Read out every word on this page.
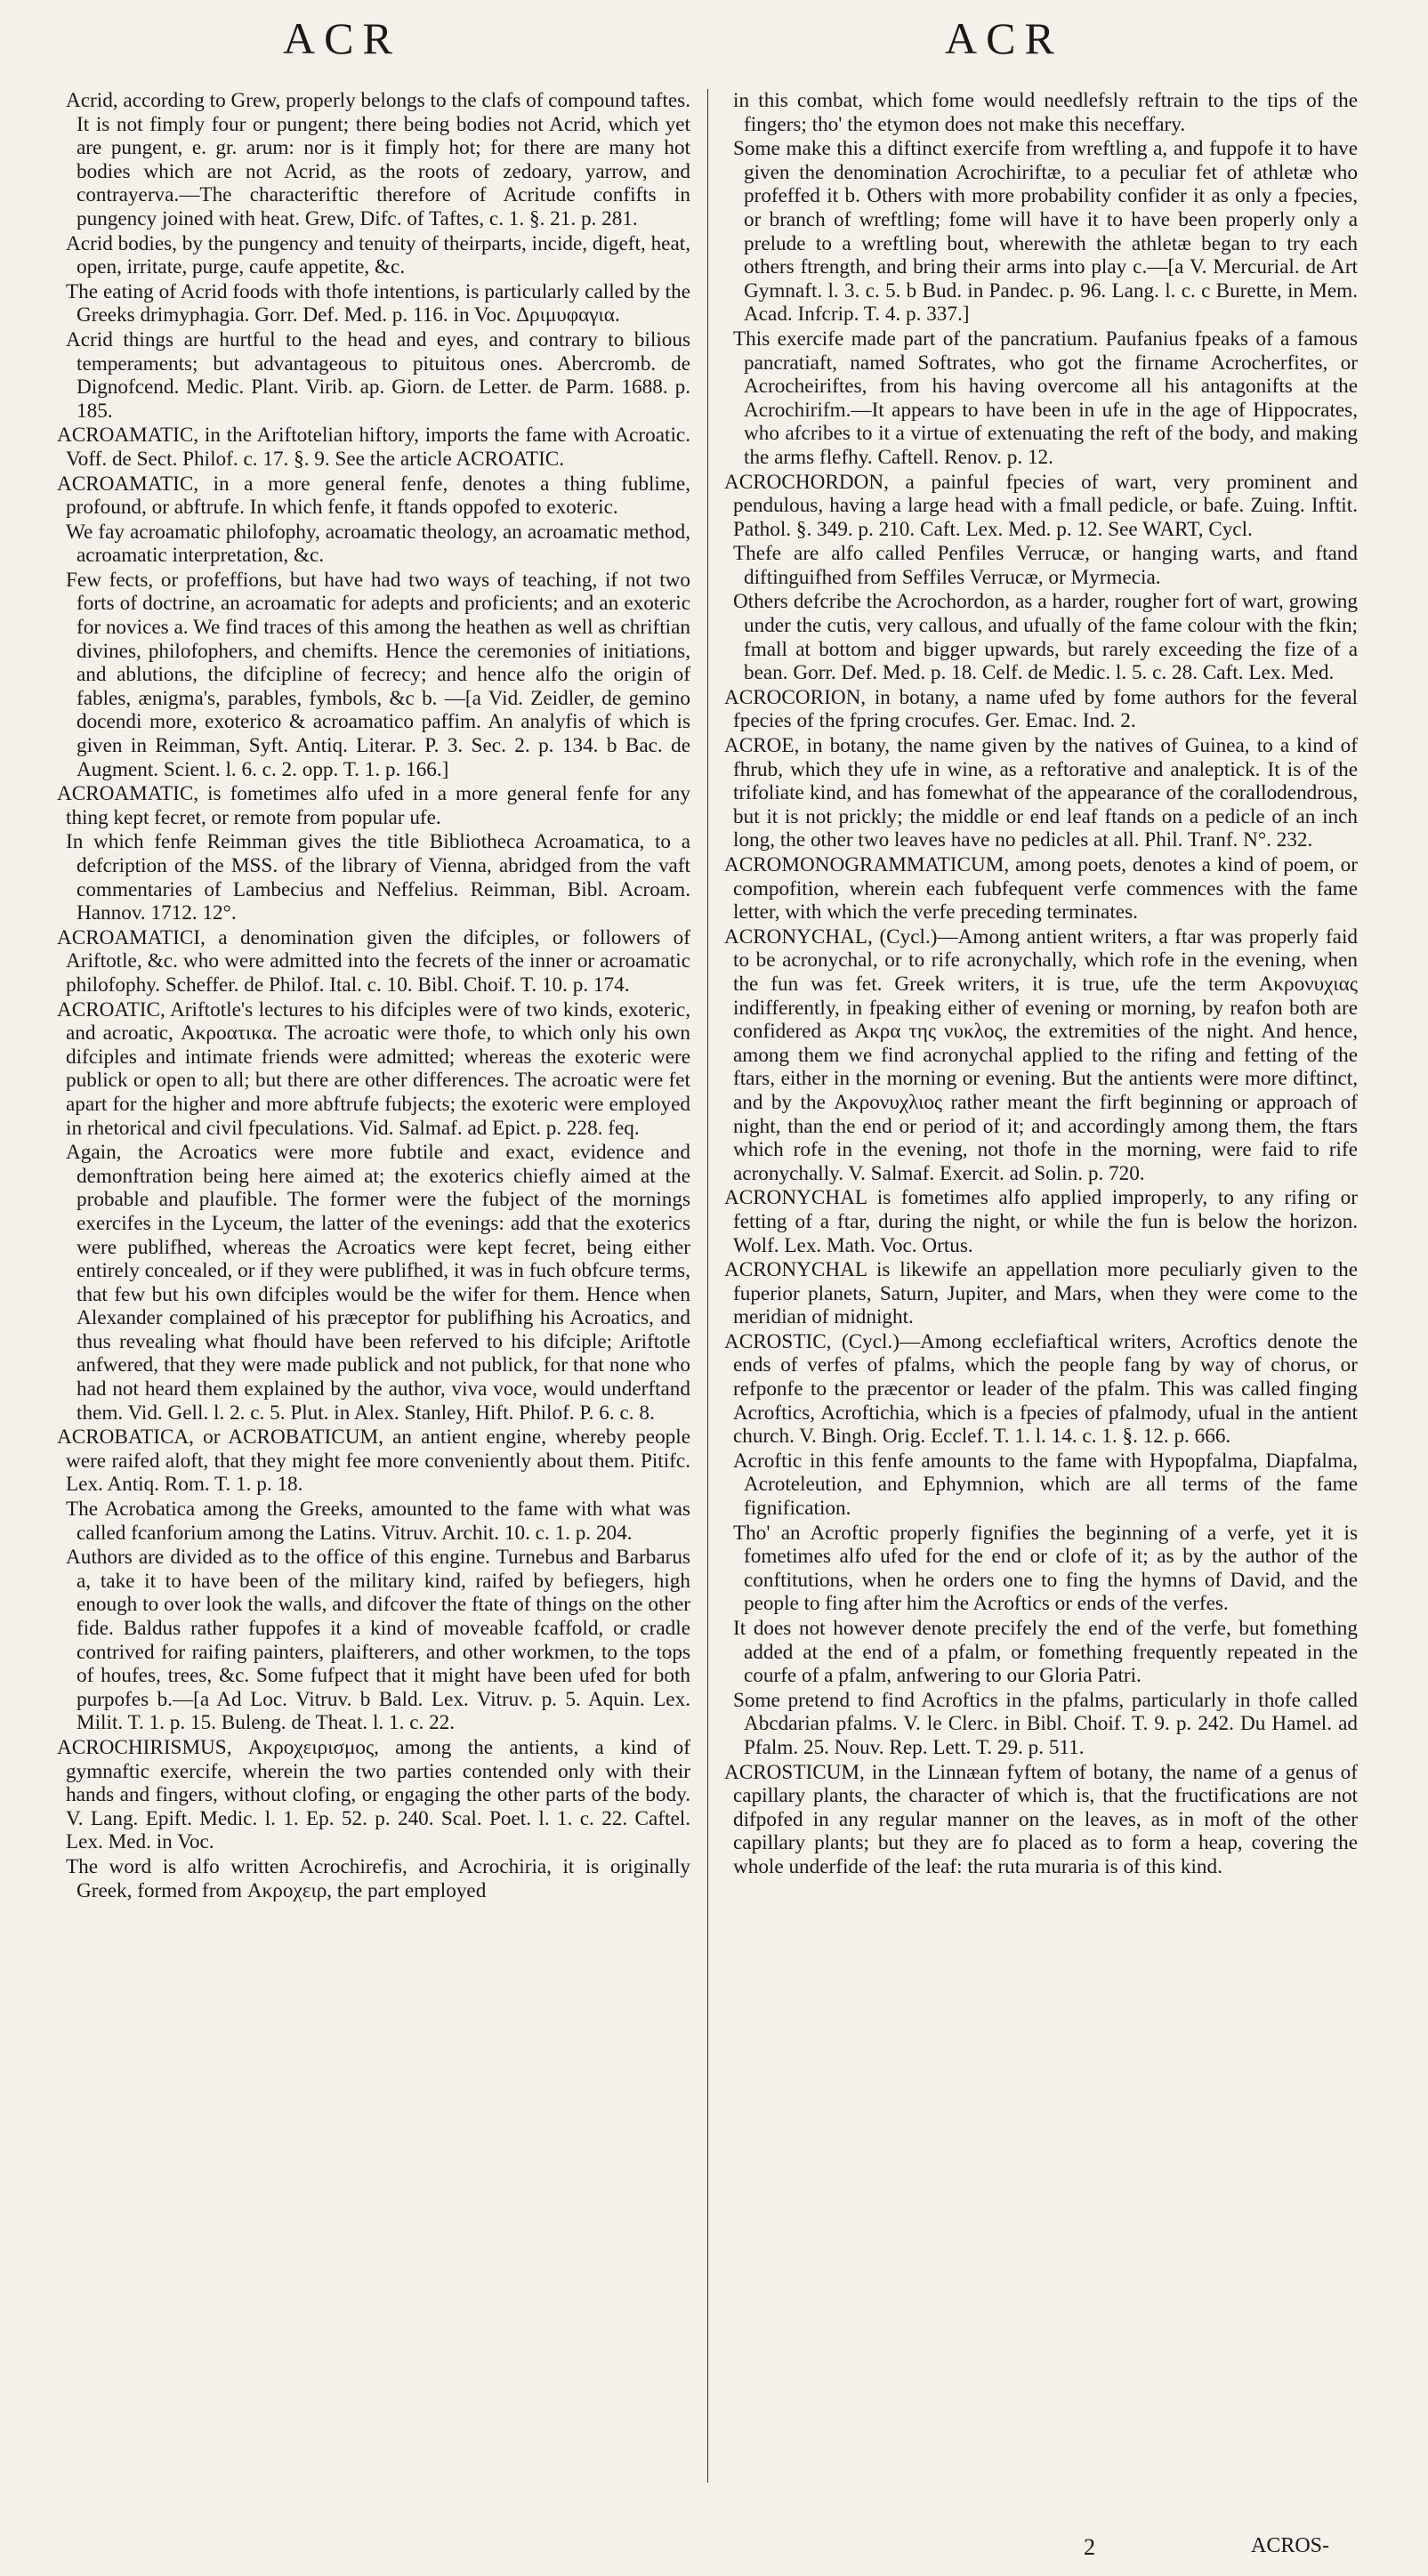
ACR	ACR

Acrid, according to Grew, properly belongs to the clafs of compound taftes. It is not fimply four or pungent; there being bodies not Acrid, which yet are pungent, e. gr. arum: nor is it fimply hot; for there are many hot bodies which are not Acrid, as the roots of zedoary, yarrow, and contrayerva.—The characteriftic therefore of Acritude confifts in pungency joined with heat. Grew, Difc. of Taftes, c. 1. §. 21. p. 281.

Acrid bodies, by the pungency and tenuity of theirparts, incide, digeft, heat, open, irritate, purge, caufe appetite, &c.

The eating of Acrid foods with thofe intentions, is particularly called by the Greeks drimyphagia. Gorr. Def. Med. p. 116. in Voc. Δριμυφαγια.

Acrid things are hurtful to the head and eyes, and contrary to bilious temperaments; but advantageous to pituitous ones. Abercromb. de Dignofcend. Medic. Plant. Virib. ap. Giorn. de Letter. de Parm. 1688. p. 185.

ACROAMATIC, in the Ariftotelian hiftory, imports the fame with Acroatic. Voff. de Sect. Philof. c. 17. §. 9. See the article ACROATIC.

ACROAMATIC, in a more general fenfe, denotes a thing fublime, profound, or abftrufe. In which fenfe, it ftands oppofed to exoteric.

We fay acroamatic philofophy, acroamatic theology, an acroamatic method, acroamatic interpretation, &c.

Few fects, or profeffions, but have had two ways of teaching, if not two forts of doctrine, an acroamatic for adepts and proficients; and an exoteric for novices a. We find traces of this among the heathen as well as chriftian divines, philofophers, and chemifts. Hence the ceremonies of initiations, and ablutions, the difcipline of fecrecy; and hence alfo the origin of fables, ænigma's, parables, fymbols, &c b. —[a Vid. Zeidler, de gemino docendi more, exoterico & acroamatico paffim. An analyfis of which is given in Reimman, Syft. Antiq. Literar. P. 3. Sec. 2. p. 134. b Bac. de Augment. Scient. l. 6. c. 2. opp. T. 1. p. 166.]

ACROAMATIC, is fometimes alfo ufed in a more general fenfe for any thing kept fecret, or remote from popular ufe.

In which fenfe Reimman gives the title Bibliotheca Acroamatica, to a defcription of the MSS. of the library of Vienna, abridged from the vaft commentaries of Lambecius and Neffelius. Reimman, Bibl. Acroam. Hannov. 1712. 12°.

ACROAMATICI, a denomination given the difciples, or followers of Ariftotle, &c. who were admitted into the fecrets of the inner or acroamatic philofophy. Scheffer. de Philof. Ital. c. 10. Bibl. Choif. T. 10. p. 174.

ACROATIC, Ariftotle's lectures to his difciples were of two kinds, exoteric, and acroatic, Ακροατικα. The acroatic were thofe, to which only his own difciples and intimate friends were admitted; whereas the exoteric were publick or open to all; but there are other differences. The acroatic were fet apart for the higher and more abftrufe fubjects; the exoteric were employed in rhetorical and civil fpeculations. Vid. Salmaf. ad Epict. p. 228. feq.

Again, the Acroatics were more fubtile and exact, evidence and demonftration being here aimed at; the exoterics chiefly aimed at the probable and plaufible. The former were the fubject of the mornings exercifes in the Lyceum, the latter of the evenings: add that the exoterics were publifhed, whereas the Acroatics were kept fecret, being either entirely concealed, or if they were publifhed, it was in fuch obfcure terms, that few but his own difciples would be the wifer for them. Hence when Alexander complained of his præceptor for publifhing his Acroatics, and thus revealing what fhould have been referved to his difciple; Ariftotle anfwered, that they were made publick and not publick, for that none who had not heard them explained by the author, viva voce, would underftand them. Vid. Gell. l. 2. c. 5. Plut. in Alex. Stanley, Hift. Philof. P. 6. c. 8.

ACROBATICA, or ACROBATICUM, an antient engine, whereby people were raifed aloft, that they might fee more conveniently about them. Pitifc. Lex. Antiq. Rom. T. 1. p. 18.

The Acrobatica among the Greeks, amounted to the fame with what was called fcanforium among the Latins. Vitruv. Archit. 10. c. 1. p. 204.

Authors are divided as to the office of this engine. Turnebus and Barbarus a, take it to have been of the military kind, raifed by befiegers, high enough to over look the walls, and difcover the ftate of things on the other fide. Baldus rather fuppofes it a kind of moveable fcaffold, or cradle contrived for raifing painters, plaifterers, and other workmen, to the tops of houfes, trees, &c. Some fufpect that it might have been ufed for both purpofes b.—[a Ad Loc. Vitruv. b Bald. Lex. Vitruv. p. 5. Aquin. Lex. Milit. T. 1. p. 15. Buleng. de Theat. l. 1. c. 22.

ACROCHIRISMUS, Ακροχειρισμος, among the antients, a kind of gymnaftic exercife, wherein the two parties contended only with their hands and fingers, without clofing, or engaging the other parts of the body. V. Lang. Epift. Medic. l. 1. Ep. 52. p. 240. Scal. Poet. l. 1. c. 22. Caftel. Lex. Med. in Voc.

The word is alfo written Acrochirefis, and Acrochiria, it is originally Greek, formed from Ακροχειρ, the part employed

in this combat, which fome would needlefsly reftrain to the tips of the fingers; tho' the etymon does not make this neceffary.

Some make this a diftinct exercife from wreftling a, and fuppofe it to have given the denomination Acrochiriftæ, to a peculiar fet of athletæ who profeffed it b. Others with more probability confider it as only a fpecies, or branch of wreftling; fome will have it to have been properly only a prelude to a wreftling bout, wherewith the athletæ began to try each others ftrength, and bring their arms into play c.—[a V. Mercurial. de Art Gymnaft. l. 3. c. 5. b Bud. in Pandec. p. 96. Lang. l. c. c Burette, in Mem. Acad. Infcrip. T. 4. p. 337.]

This exercife made part of the pancratium. Paufanius fpeaks of a famous pancratiaft, named Softrates, who got the firname Acrocherfites, or Acrocheiriftes, from his having overcome all his antagonifts at the Acrochirifm.—It appears to have been in ufe in the age of Hippocrates, who afcribes to it a virtue of extenuating the reft of the body, and making the arms flefhy. Caftell. Renov. p. 12.

ACROCHORDON, a painful fpecies of wart, very prominent and pendulous, having a large head with a fmall pedicle, or bafe. Zuing. Inftit. Pathol. §. 349. p. 210. Caft. Lex. Med. p. 12. See WART, Cycl.

Thefe are alfo called Penfiles Verrucæ, or hanging warts, and ftand diftinguifhed from Seffiles Verrucæ, or Myrmecia.

Others defcribe the Acrochordon, as a harder, rougher fort of wart, growing under the cutis, very callous, and ufually of the fame colour with the fkin; fmall at bottom and bigger upwards, but rarely exceeding the fize of a bean. Gorr. Def. Med. p. 18. Celf. de Medic. l. 5. c. 28. Caft. Lex. Med.

ACROCORION, in botany, a name ufed by fome authors for the feveral fpecies of the fpring crocufes. Ger. Emac. Ind. 2.

ACROE, in botany, the name given by the natives of Guinea, to a kind of fhrub, which they ufe in wine, as a reftorative and analeptick. It is of the trifoliate kind, and has fomewhat of the appearance of the corallodendrous, but it is not prickly; the middle or end leaf ftands on a pedicle of an inch long, the other two leaves have no pedicles at all. Phil. Tranf. N°. 232.

ACROMONOGRAMMATICUM, among poets, denotes a kind of poem, or compofition, wherein each fubfequent verfe commences with the fame letter, with which the verfe preceding terminates.

ACRONYCHAL, (Cycl.)—Among antient writers, a ftar was properly faid to be acronychal, or to rife acronychally, which rofe in the evening, when the fun was fet. Greek writers, it is true, ufe the term Ακρονυχιας indifferently, in fpeaking either of evening or morning, by reafon both are confidered as Ακρα της νυκλος, the extremities of the night. And hence, among them we find acronychal applied to the rifing and fetting of the ftars, either in the morning or evening. But the antients were more diftinct, and by the Ακρονυχλιος rather meant the firft beginning or approach of night, than the end or period of it; and accordingly among them, the ftars which rofe in the evening, not thofe in the morning, were faid to rife acronychally. V. Salmaf. Exercit. ad Solin. p. 720.

ACRONYCHAL is fometimes alfo applied improperly, to any rifing or fetting of a ftar, during the night, or while the fun is below the horizon. Wolf. Lex. Math. Voc. Ortus.

ACRONYCHAL is likewife an appellation more peculiarly given to the fuperior planets, Saturn, Jupiter, and Mars, when they were come to the meridian of midnight.

ACROSTIC, (Cycl.)—Among ecclefiaftical writers, Acroftics denote the ends of verfes of pfalms, which the people fang by way of chorus, or refponfe to the præcentor or leader of the pfalm. This was called finging Acroftics, Acroftichia, which is a fpecies of pfalmody, ufual in the antient church. V. Bingh. Orig. Ecclef. T. 1. l. 14. c. 1. §. 12. p. 666.

Acroftic in this fenfe amounts to the fame with Hypopfalma, Diapfalma, Acroteleution, and Ephymnion, which are all terms of the fame fignification.

Tho' an Acroftic properly fignifies the beginning of a verfe, yet it is fometimes alfo ufed for the end or clofe of it; as by the author of the conftitutions, when he orders one to fing the hymns of David, and the people to fing after him the Acroftics or ends of the verfes.

It does not however denote precifely the end of the verfe, but fomething added at the end of a pfalm, or fomething frequently repeated in the courfe of a pfalm, anfwering to our Gloria Patri.

Some pretend to find Acroftics in the pfalms, particularly in thofe called Abcdarian pfalms. V. le Clerc. in Bibl. Choif. T. 9. p. 242. Du Hamel. ad Pfalm. 25. Nouv. Rep. Lett. T. 29. p. 511.

ACROSTICUM, in the Linnæan fyftem of botany, the name of a genus of capillary plants, the character of which is, that the fructifications are not difpofed in any regular manner on the leaves, as in moft of the other capillary plants; but they are fo placed as to form a heap, covering the whole underfide of the leaf: the ruta muraria is of this kind.

2	ACROS-
